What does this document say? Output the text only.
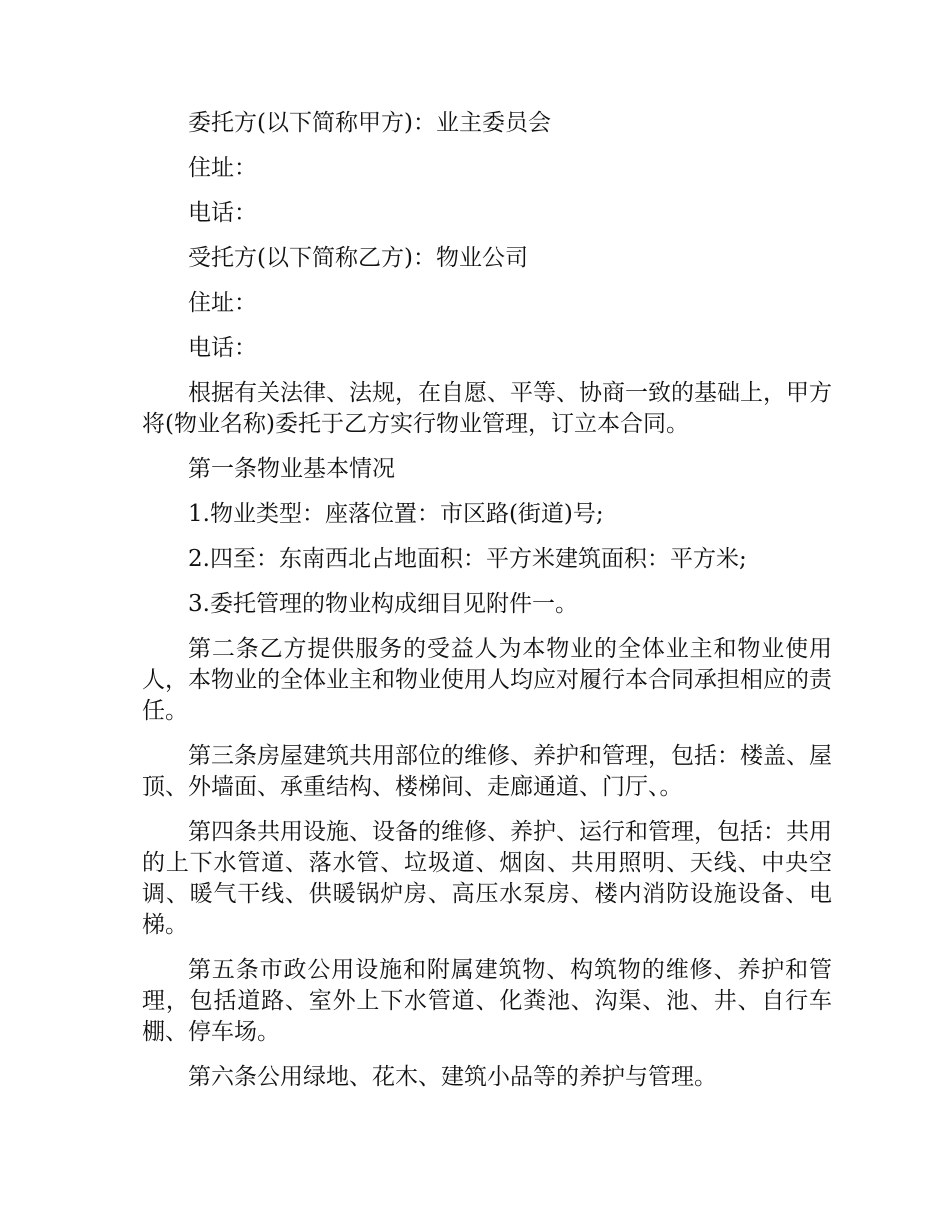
委托方(以下简称甲方)：业主委员会

住址：

电话：

受托方(以下简称乙方)：物业公司

住址：

电话：

根据有关法律、法规，在自愿、平等、协商一致的基础上，甲方将(物业名称)委托于乙方实行物业管理，订立本合同。

第一条物业基本情况

1.物业类型：座落位置：市区路(街道)号;

2.四至：东南西北占地面积：平方米建筑面积：平方米;

3.委托管理的物业构成细目见附件一。

第二条乙方提供服务的受益人为本物业的全体业主和物业使用人，本物业的全体业主和物业使用人均应对履行本合同承担相应的责任。

第三条房屋建筑共用部位的维修、养护和管理，包括：楼盖、屋顶、外墙面、承重结构、楼梯间、走廊通道、门厅、。

第四条共用设施、设备的维修、养护、运行和管理，包括：共用的上下水管道、落水管、垃圾道、烟囱、共用照明、天线、中央空调、暖气干线、供暖锅炉房、高压水泵房、楼内消防设施设备、电梯。

第五条市政公用设施和附属建筑物、构筑物的维修、养护和管理，包括道路、室外上下水管道、化粪池、沟渠、池、井、自行车棚、停车场。

第六条公用绿地、花木、建筑小品等的养护与管理。
